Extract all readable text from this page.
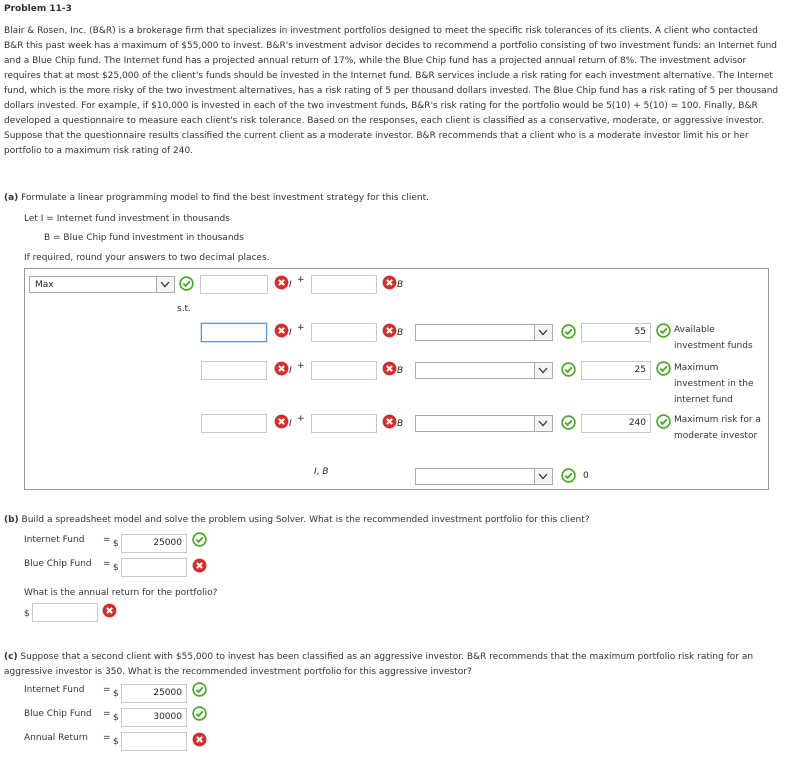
Problem 11-3
Blair & Rosen, Inc. (B&R) is a brokerage firm that specializes in investment portfolios designed to meet the specific risk tolerances of its clients. A client who contacted B&R this past week has a maximum of $55,000 to invest. B&R's investment advisor decides to recommend a portfolio consisting of two investment funds: an Internet fund and a Blue Chip fund. The Internet fund has a projected annual return of 17%, while the Blue Chip fund has a projected annual return of 8%. The investment advisor requires that at most $25,000 of the client's funds should be invested in the Internet fund. B&R services include a risk rating for each investment alternative. The Internet fund, which is the more risky of the two investment alternatives, has a risk rating of 5 per thousand dollars invested. The Blue Chip fund has a risk rating of 5 per thousand dollars invested. For example, if $10,000 is invested in each of the two investment funds, B&R's risk rating for the portfolio would be 5(10) + 5(10) = 100. Finally, B&R developed a questionnaire to measure each client's risk tolerance. Based on the responses, each client is classified as a conservative, moderate, or aggressive investor. Suppose that the questionnaire results classified the current client as a moderate investor. B&R recommends that a client who is a moderate investor limit his or her portfolio to a maximum risk rating of 240.
(a) Formulate a linear programming model to find the best investment strategy for this client.
Let I = Internet fund investment in thousands
B = Blue Chip fund investment in thousands
If required, round your answers to two decimal places.
Max	I +	B
s.t.
I +	B	55	Available investment funds
I +	B	25	Maximum investment in the internet fund
I +	B	240	Maximum risk for a moderate investor
I, B	0
(b) Build a spreadsheet model and solve the problem using Solver. What is the recommended investment portfolio for this client?
Internet Fund = $	25000
Blue Chip Fund = $
What is the annual return for the portfolio?
$
(c) Suppose that a second client with $55,000 to invest has been classified as an aggressive investor. B&R recommends that the maximum portfolio risk rating for an aggressive investor is 350. What is the recommended investment portfolio for this aggressive investor?
Internet Fund = $	25000
Blue Chip Fund = $	30000
Annual Return = $
